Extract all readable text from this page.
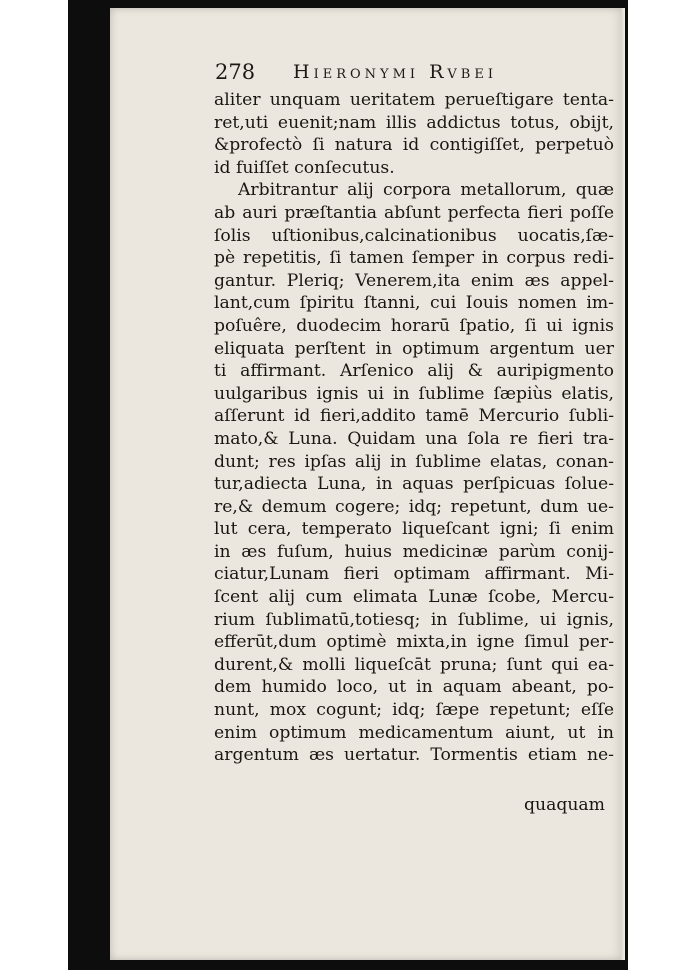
278 Hieronymi Rvbei
aliter unquam ueritatem perueſtigare tenta-
ret,uti euenit;nam illis addictus totus, obijt,
&profectò ſi natura id contigiſſet, perpetuò
id fuiſſet conſecutus.
Arbitrantur alij corpora metallorum, quæ
ab auri præſtantia abſunt perfecta fieri poſſe
ſolis uſtionibus,calcinationibus uocatis,ſæ-
pè repetitis, ſi tamen ſemper in corpus redi-
gantur. Pleriq; Venerem,ita enim æs appel-
lant,cum ſpiritu ſtanni, cui Iouis nomen im-
poſuêre, duodecim horarū ſpatio, ſi ui ignis
eliquata perſtent in optimum argentum uer
ti affirmant. Arſenico alij & auripigmento
uulgaribus ignis ui in ſublime ſæpiùs elatis,
aſſerunt id fieri,addito tamē Mercurio ſubli-
mato,& Luna. Quidam una ſola re fieri tra-
dunt; res ipſas alij in ſublime elatas, conan-
tur,adiecta Luna, in aquas perſpicuas ſolue-
re,& demum cogere; idq; repetunt, dum ue-
lut cera, temperato liqueſcant igni; ſi enim
in æs fuſum, huius medicinæ parùm conij-
ciatur,Lunam fieri optimam affirmant. Mi-
ſcent alij cum elimata Lunæ ſcobe, Mercu-
rium ſublimatū,totiesq; in ſublime, ui ignis,
efferūt,dum optimè mixta,in igne ſimul per-
durent,& molli liqueſcāt pruna; ſunt qui ea-
dem humido loco, ut in aquam abeant, po-
nunt, mox cogunt; idq; ſæpe repetunt; eſſe
enim optimum medicamentum aiunt, ut in
argentum æs uertatur. Tormentis etiam ne-
quaquam
